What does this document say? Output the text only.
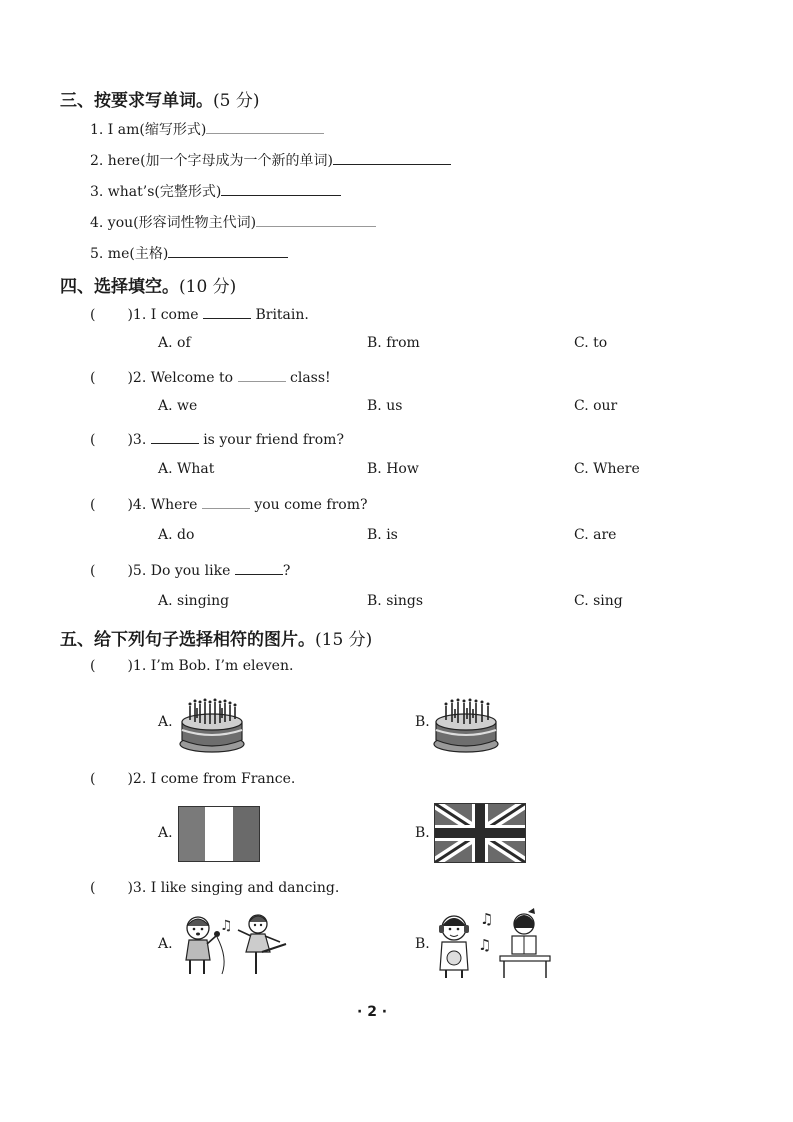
三、按要求写单词。(5 分)
1. I am(缩写形式)
2. here(加一个字母成为一个新的单词)
3. what’s(完整形式)
4. you(形容词性物主代词)
5. me(主格)
四、选择填空。(10 分)
( )1. I come	Britain.
A. of	B. from	C. to
( )2. Welcome to	class!
A. we	B. us	C. our
( )3.	is your friend from?
A. What	B. How	C. Where
( )4. Where	you come from?
A. do	B. is	C. are
( )5. Do you like	?
A. singing	B. sings	C. sing
五、给下列句子选择相符的图片。(15 分)
( )1. I’m Bob. I’m eleven.
A.	B.
( )2. I come from France.
A.	B.
( )3. I like singing and dancing.
A.
♫
B.
♫
♫
· 2 ·
